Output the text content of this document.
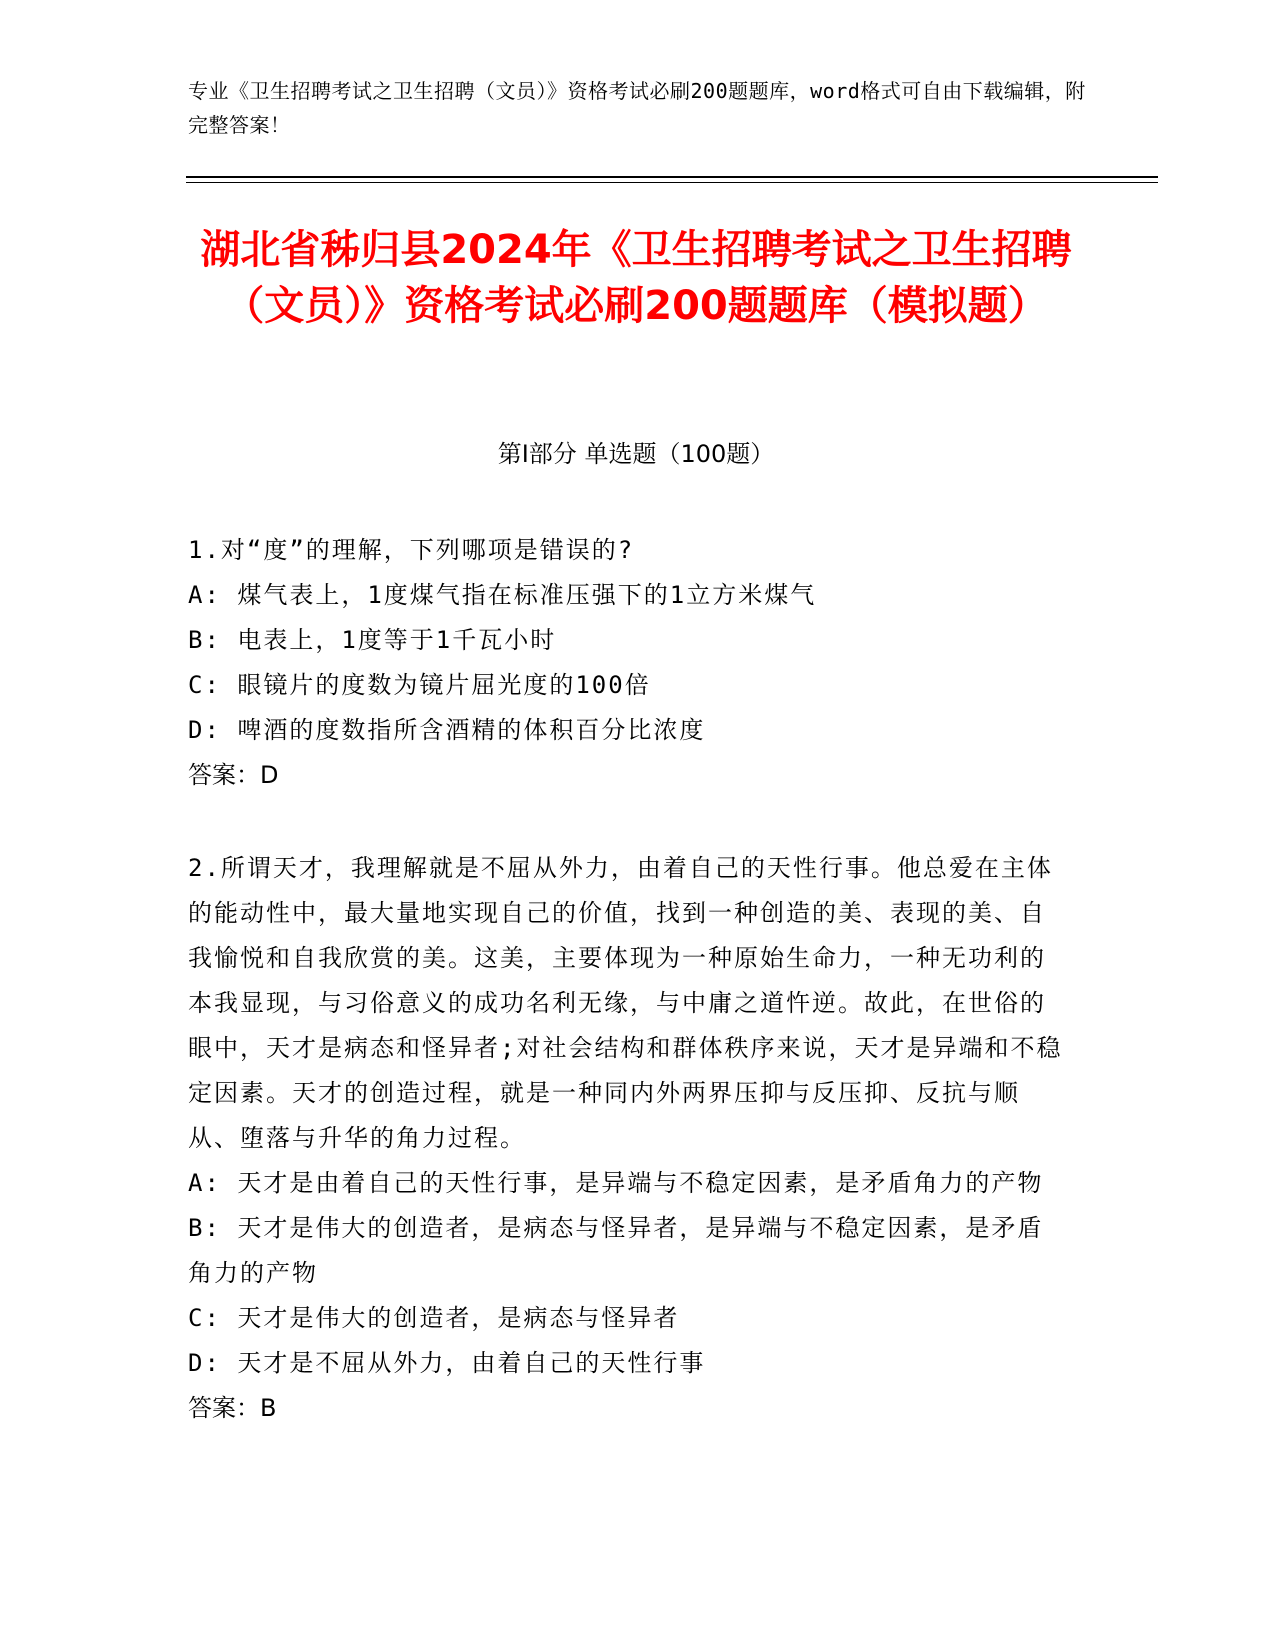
专业《卫生招聘考试之卫生招聘（文员）》资格考试必刷200题题库，word格式可自由下载编辑，附完整答案！
湖北省秭归县2024年《卫生招聘考试之卫生招聘（文员）》资格考试必刷200题题库（模拟题）
第I部分 单选题（100题）
1.对“度”的理解，下列哪项是错误的?
A: 煤气表上，1度煤气指在标准压强下的1立方米煤气
B: 电表上，1度等于1千瓦小时
C: 眼镜片的度数为镜片屈光度的100倍
D: 啤酒的度数指所含酒精的体积百分比浓度
答案：D
2.所谓天才，我理解就是不屈从外力，由着自己的天性行事。他总爱在主体的能动性中，最大量地实现自己的价值，找到一种创造的美、表现的美、自我愉悦和自我欣赏的美。这美，主要体现为一种原始生命力，一种无功利的本我显现，与习俗意义的成功名利无缘，与中庸之道忤逆。故此，在世俗的眼中，天才是病态和怪异者;对社会结构和群体秩序来说，天才是异端和不稳定因素。天才的创造过程，就是一种同内外两界压抑与反压抑、反抗与顺从、堕落与升华的角力过程。
A: 天才是由着自己的天性行事，是异端与不稳定因素，是矛盾角力的产物
B: 天才是伟大的创造者，是病态与怪异者，是异端与不稳定因素，是矛盾角力的产物
C: 天才是伟大的创造者，是病态与怪异者
D: 天才是不屈从外力，由着自己的天性行事
答案：B
